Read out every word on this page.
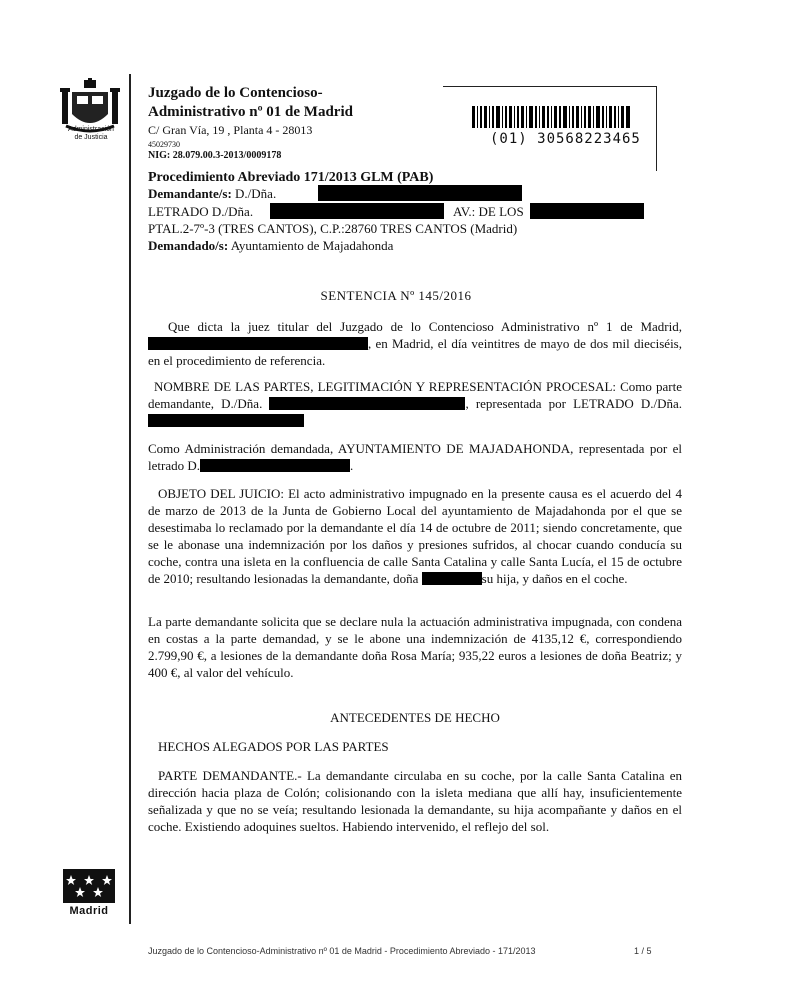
Administración
de Justicia
Juzgado de lo Contencioso-
Administrativo nº 01 de Madrid
C/ Gran Vía, 19 , Planta 4 - 28013
45029730
NIG: 28.079.00.3-2013/0009178
(01) 30568223465
Procedimiento Abreviado 171/2013 GLM (PAB)
Demandante/s: D./Dña.
LETRADO D./Dña.	AV.: DE LOS
PTAL.2-7º-3 (TRES CANTOS), C.P.:28760 TRES CANTOS (Madrid)
Demandado/s: Ayuntamiento de Majadahonda
SENTENCIA Nº 145/2016
Que dicta la juez titular del Juzgado de lo Contencioso Administrativo nº 1 de Madrid, , en Madrid, el día veintitres de mayo de dos mil dieciséis, en el procedimiento de referencia.
NOMBRE DE LAS PARTES, LEGITIMACIÓN Y REPRESENTACIÓN PROCESAL: Como parte demandante, D./Dña.	, representada por LETRADO D./Dña.
Como Administración demandada, AYUNTAMIENTO DE MAJADAHONDA, representada por el letrado D.	.
OBJETO DEL JUICIO: El acto administrativo impugnado en la presente causa es el acuerdo del 4 de marzo de 2013 de la Junta de Gobierno Local del ayuntamiento de Majadahonda por el que se desestimaba lo reclamado por la demandante el día 14 de octubre de 2011; siendo concretamente, que se le abonase una indemnización por los daños y presiones sufridos, al chocar cuando conducía su coche, contra una isleta en la confluencia de calle Santa Catalina y calle Santa Lucía, el 15 de octubre de 2010; resultando lesionadas la demandante, doña	su hija, y daños en el coche.
La parte demandante solicita que se declare nula la actuación administrativa impugnada, con condena en costas a la parte demandad, y se le abone una indemnización de 4135,12 €, correspondiendo 2.799,90 €, a lesiones de la demandante doña Rosa María; 935,22 euros a lesiones de doña Beatriz; y 400 €, al valor del vehículo.
ANTECEDENTES DE HECHO
HECHOS ALEGADOS POR LAS PARTES
PARTE DEMANDANTE.- La demandante circulaba en su coche, por la calle Santa Catalina en dirección hacia plaza de Colón; colisionando con la isleta mediana que allí hay, insuficientemente señalizada y que no se veía; resultando lesionada la demandante, su hija acompañante y daños en el coche. Existiendo adoquines sueltos. Habiendo intervenido, el reflejo del sol.
Madrid
Juzgado de lo Contencioso-Administrativo nº 01 de Madrid - Procedimiento Abreviado - 171/2013	1 / 5
